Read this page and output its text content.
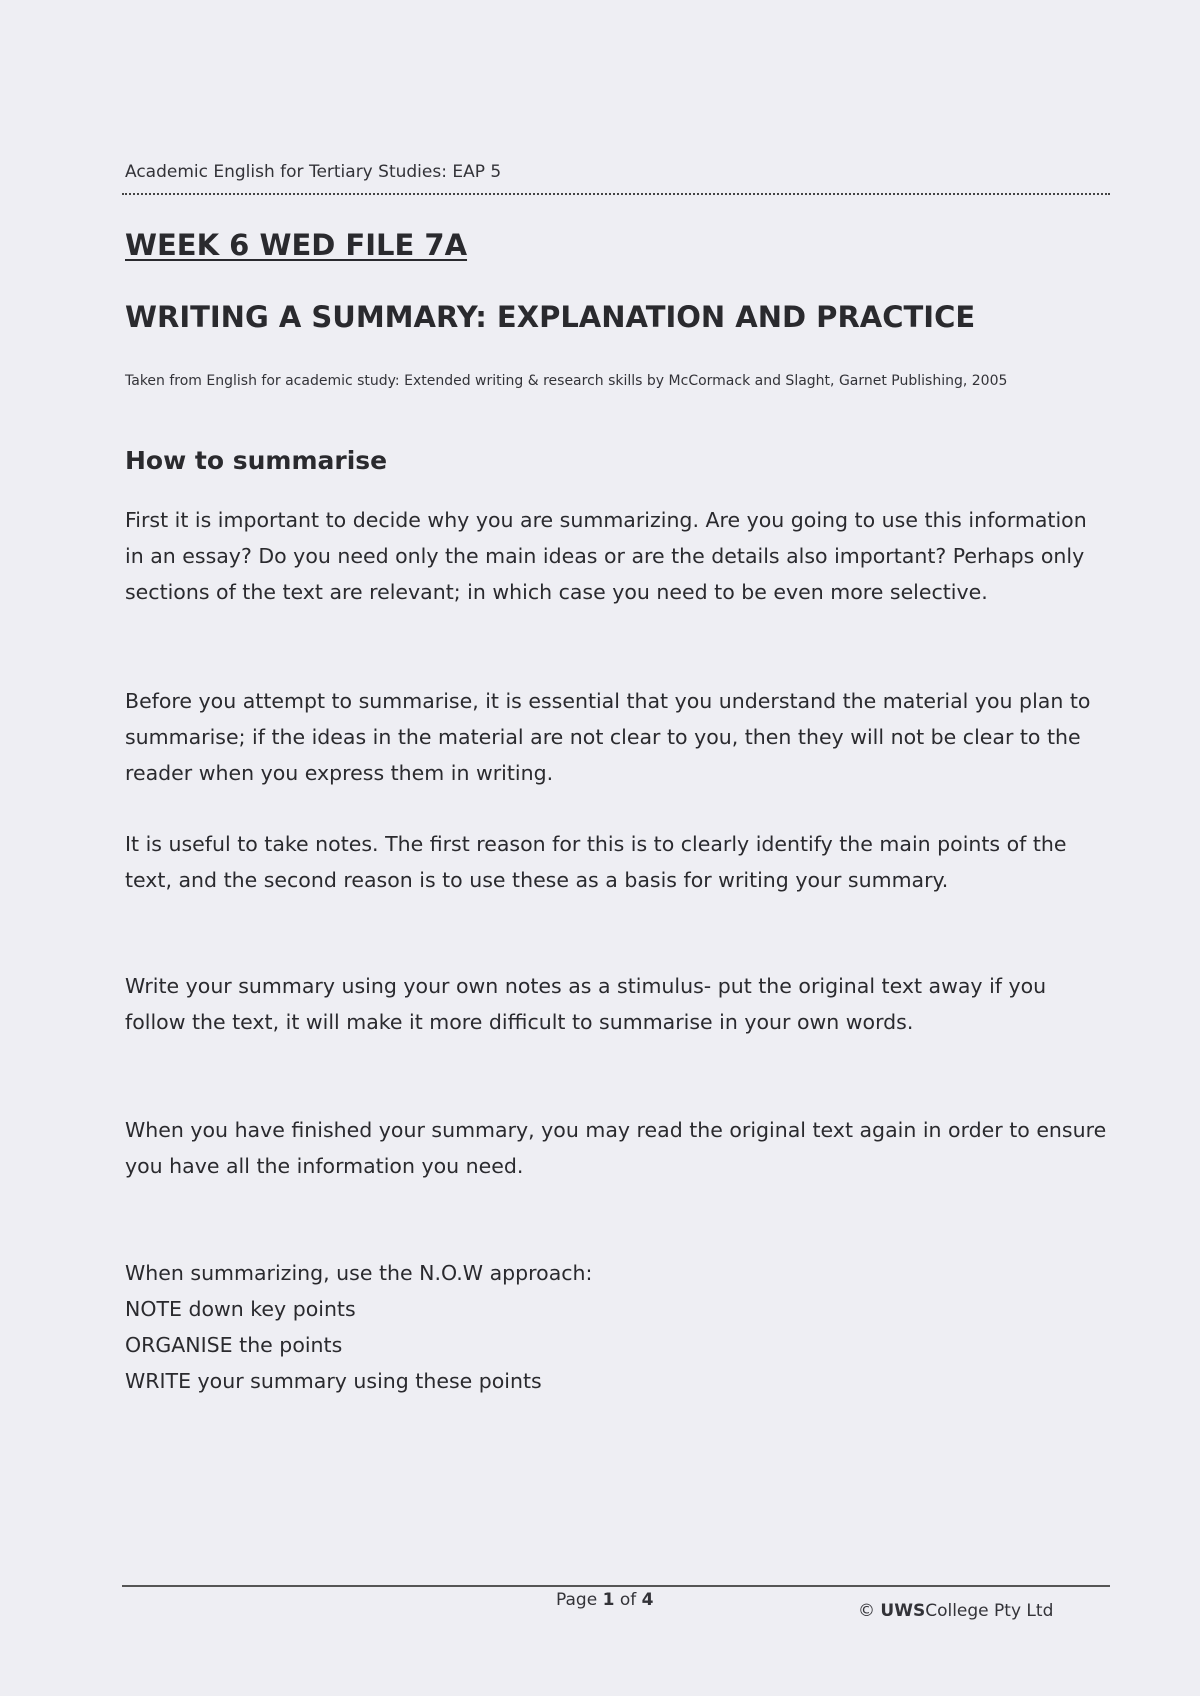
Academic English for Tertiary Studies: EAP 5
WEEK 6 WED FILE 7A
WRITING A SUMMARY: EXPLANATION AND PRACTICE
Taken from English for academic study: Extended writing & research skills by McCormack and Slaght, Garnet Publishing, 2005
How to summarise
First it is important to decide why you are summarizing. Are you going to use this information in an essay? Do you need only the main ideas or are the details also important? Perhaps only sections of the text are relevant; in which case you need to be even more selective.
Before you attempt to summarise, it is essential that you understand the material you plan to summarise; if the ideas in the material are not clear to you, then they will not be clear to the reader when you express them in writing.
It is useful to take notes. The first reason for this is to clearly identify the main points of the text, and the second reason is to use these as a basis for writing your summary.
Write your summary using your own notes as a stimulus- put the original text away if you follow the text, it will make it more difficult to summarise in your own words.
When you have finished your summary, you may read the original text again in order to ensure you have all the information you need.
When summarizing, use the N.O.W approach:
NOTE down key points
ORGANISE the points
WRITE your summary using these points
Page 1 of 4
© UWSCollege Pty Ltd
